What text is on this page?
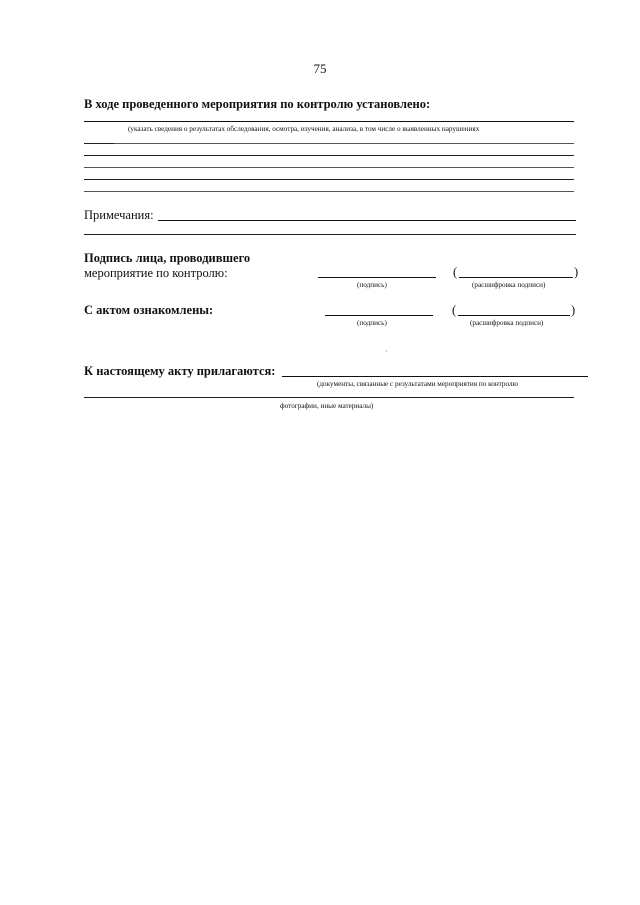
75
В ходе проведенного мероприятия по контролю установлено:
(указать сведения о результатах обследования, осмотра, изучения, анализа, в том числе о выявленных нарушениях
Примечания:
Подпись лица, проводившего
мероприятие по контролю:
(подпись)
(	)
(расшифровка подписи)
С актом ознакомлены:
(подпись)
(	)
(расшифровка подписи)
·
К настоящему акту прилагаются:
(документы, связанные с результатами мероприятия по контролю
фотографии, иные материалы)
